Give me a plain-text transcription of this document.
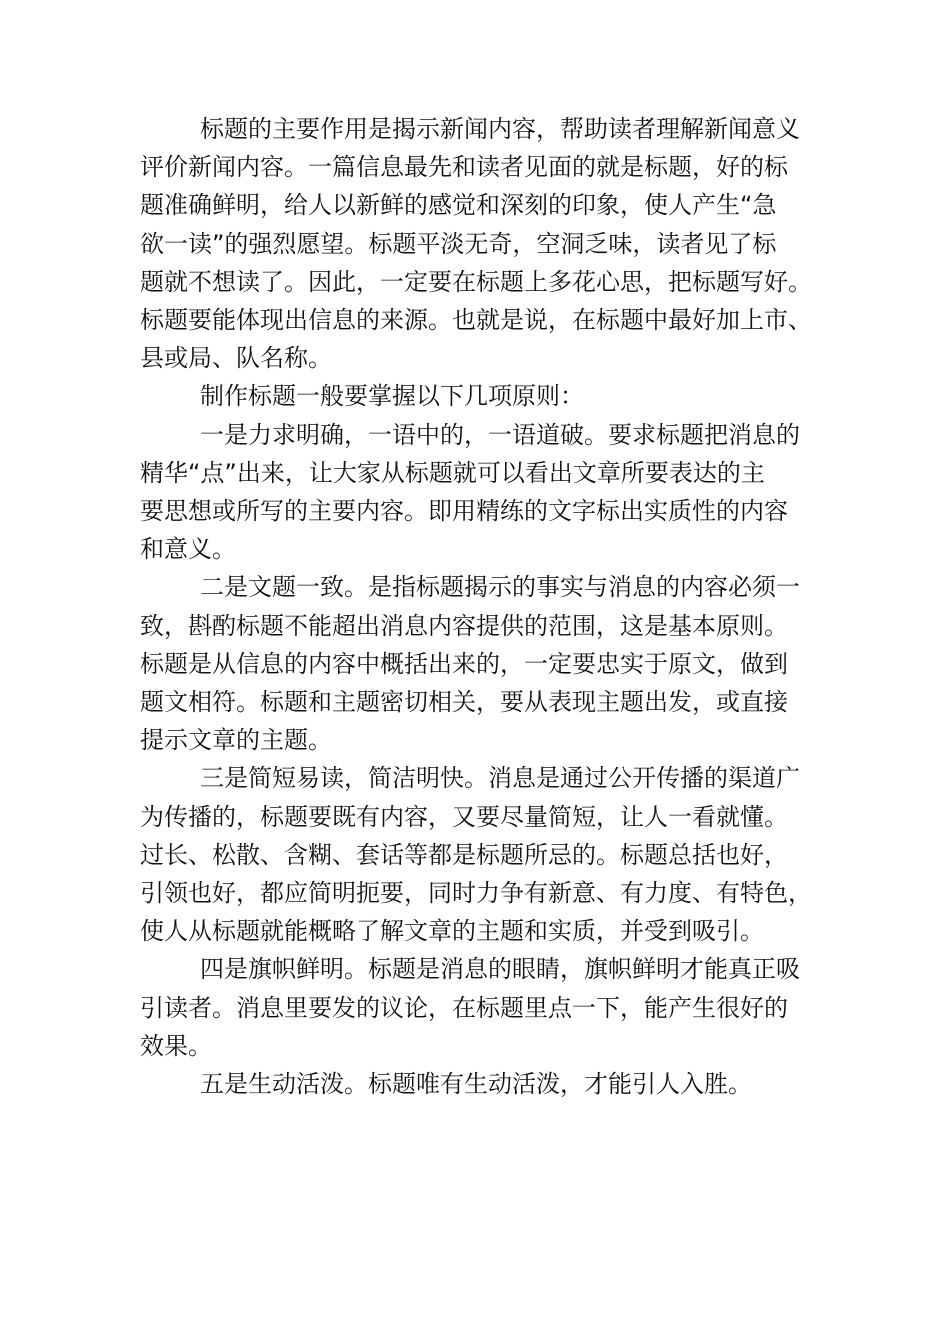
标题的主要作用是揭示新闻内容，帮助读者理解新闻意义
评价新闻内容。一篇信息最先和读者见面的就是标题，好的标
题准确鲜明，给人以新鲜的感觉和深刻的印象，使人产生“急
欲一读”的强烈愿望。标题平淡无奇，空洞乏味，读者见了标
题就不想读了。因此，一定要在标题上多花心思，把标题写好。
标题要能体现出信息的来源。也就是说，在标题中最好加上市、
县或局、队名称。
制作标题一般要掌握以下几项原则：
一是力求明确，一语中的，一语道破。要求标题把消息的
精华“点”出来，让大家从标题就可以看出文章所要表达的主
要思想或所写的主要内容。即用精练的文字标出实质性的内容
和意义。
二是文题一致。是指标题揭示的事实与消息的内容必须一
致，斟酌标题不能超出消息内容提供的范围，这是基本原则。
标题是从信息的内容中概括出来的，一定要忠实于原文，做到
题文相符。标题和主题密切相关，要从表现主题出发，或直接
提示文章的主题。
三是简短易读，简洁明快。消息是通过公开传播的渠道广
为传播的，标题要既有内容，又要尽量简短，让人一看就懂。
过长、松散、含糊、套话等都是标题所忌的。标题总括也好，
引领也好，都应简明扼要，同时力争有新意、有力度、有特色，
使人从标题就能概略了解文章的主题和实质，并受到吸引。
四是旗帜鲜明。标题是消息的眼睛，旗帜鲜明才能真正吸
引读者。消息里要发的议论，在标题里点一下，能产生很好的
效果。
五是生动活泼。标题唯有生动活泼，才能引人入胜。
